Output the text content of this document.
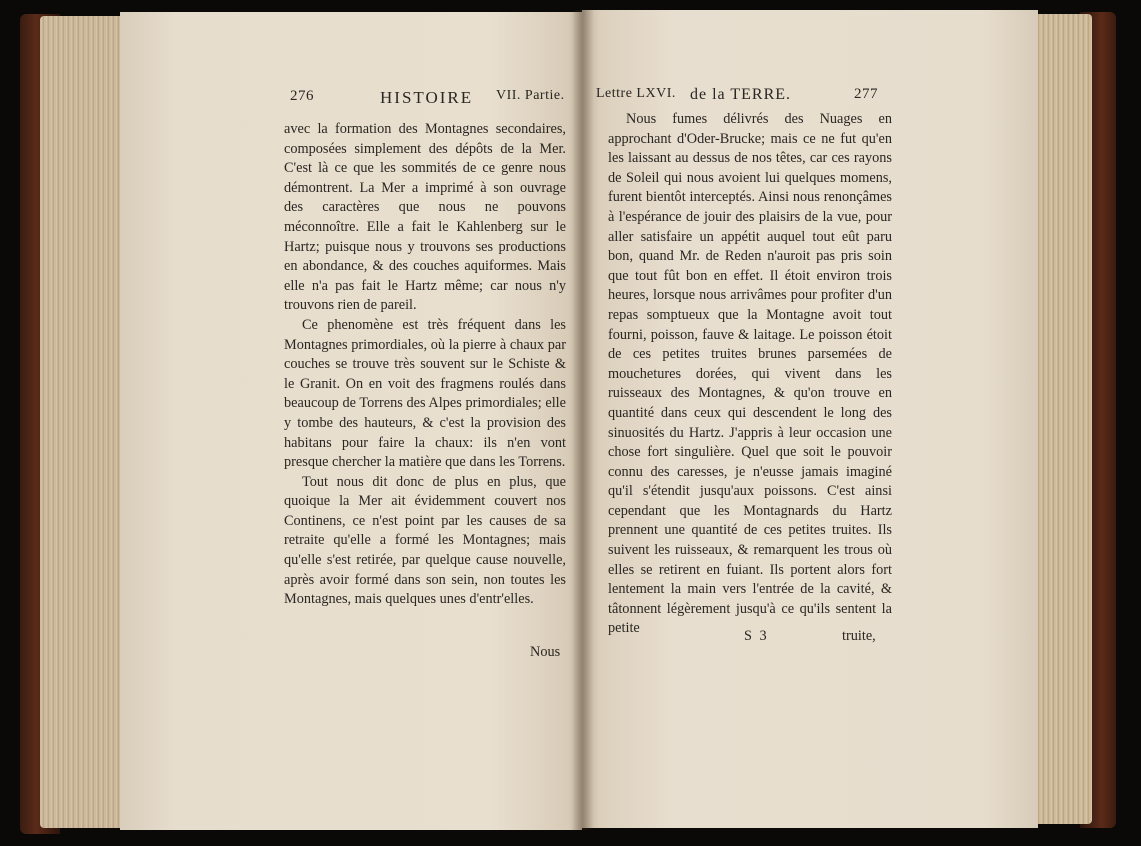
276	HISTOIRE VII. Partie.

avec la formation des Montagnes secondaires, composées simplement des dépôts de la Mer. C'est là ce que les sommités de ce genre nous démontrent. La Mer a imprimé à son ouvrage des caractères que nous ne pouvons méconnoître. Elle a fait le Kahlenberg sur le Hartz; puisque nous y trouvons ses productions en abondance, & des couches aquiformes. Mais elle n'a pas fait le Hartz même; car nous n'y trouvons rien de pareil.

Ce phenomène est très fréquent dans les Montagnes primordiales, où la pierre à chaux par couches se trouve très souvent sur le Schiste & le Granit. On en voit des fragmens roulés dans beaucoup de Torrens des Alpes primordiales; elle y tombe des hauteurs, & c'est la provision des habitans pour faire la chaux: ils n'en vont presque chercher la matière que dans les Torrens.

Tout nous dit donc de plus en plus, que quoique la Mer ait évidemment couvert nos Continens, ce n'est point par les causes de sa retraite qu'elle a formé les Montagnes; mais qu'elle s'est retirée, par quelque cause nouvelle, après avoir formé dans son sein, non toutes les Montagnes, mais quelques unes d'entr'elles.

Nous
Lettre LXVI. de la TERRE.	277

Nous fumes délivrés des Nuages en approchant d'Oder-Brucke; mais ce ne fut qu'en les laissant au dessus de nos têtes, car ces rayons de Soleil qui nous avoient lui quelques momens, furent bientôt interceptés. Ainsi nous renonçâmes à l'espérance de jouir des plaisirs de la vue, pour aller satisfaire un appétit auquel tout eût paru bon, quand Mr. de Reden n'auroit pas pris soin que tout fût bon en effet. Il étoit environ trois heures, lorsque nous arrivâmes pour profiter d'un repas somptueux que la Montagne avoit tout fourni, poisson, fauve & laitage. Le poisson étoit de ces petites truites brunes parsemées de mouchetures dorées, qui vivent dans les ruisseaux des Montagnes, & qu'on trouve en quantité dans ceux qui descendent le long des sinuosités du Hartz. J'appris à leur occasion une chose fort singulière. Quel que soit le pouvoir connu des caresses, je n'eusse jamais imaginé qu'il s'étendit jusqu'aux poissons. C'est ainsi cependant que les Montagnards du Hartz prennent une quantité de ces petites truites. Ils suivent les ruisseaux, & remarquent les trous où elles se retirent en fuiant. Ils portent alors fort lentement la main vers l'entrée de la cavité, & tâtonnent légèrement jusqu'à ce qu'ils sentent la petite	S 3	truite,
